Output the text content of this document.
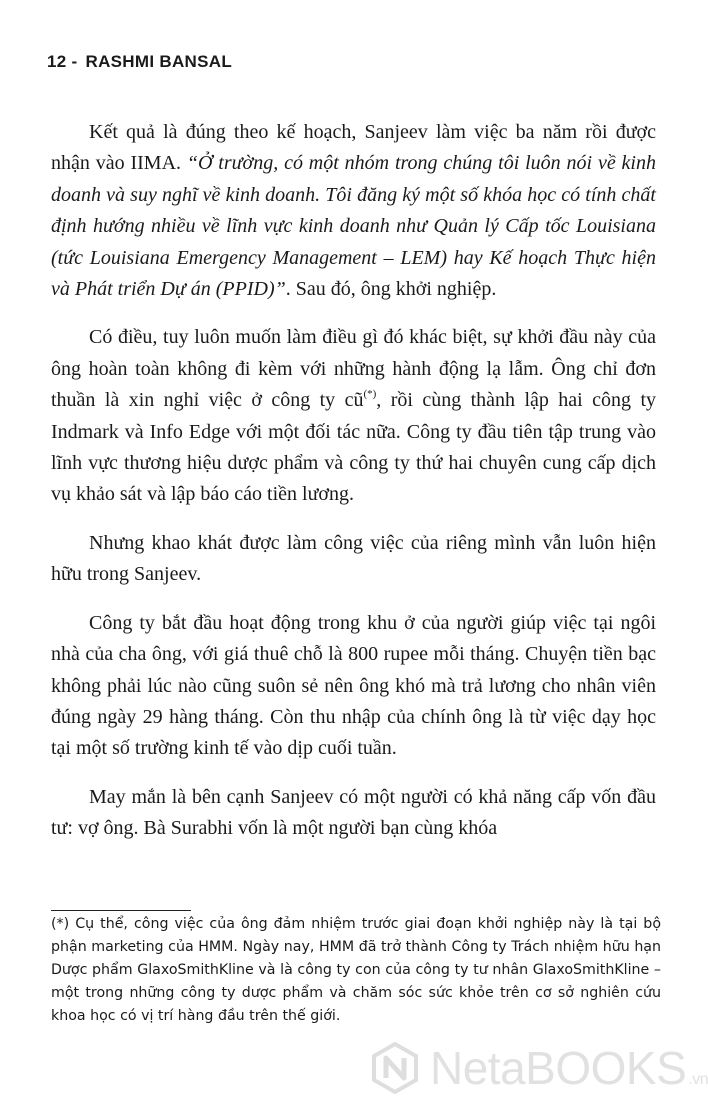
12 - RASHMI BANSAL

Kết quả là đúng theo kế hoạch, Sanjeev làm việc ba năm rồi được nhận vào IIMA. “Ở trường, có một nhóm trong chúng tôi luôn nói về kinh doanh và suy nghĩ về kinh doanh. Tôi đăng ký một số khóa học có tính chất định hướng nhiều về lĩnh vực kinh doanh như Quản lý Cấp tốc Louisiana (tức Louisiana Emergency Management – LEM) hay Kế hoạch Thực hiện và Phát triển Dự án (PPID)”. Sau đó, ông khởi nghiệp.

Có điều, tuy luôn muốn làm điều gì đó khác biệt, sự khởi đầu này của ông hoàn toàn không đi kèm với những hành động lạ lẫm. Ông chỉ đơn thuần là xin nghỉ việc ở công ty cũ(*), rồi cùng thành lập hai công ty Indmark và Info Edge với một đối tác nữa. Công ty đầu tiên tập trung vào lĩnh vực thương hiệu dược phẩm và công ty thứ hai chuyên cung cấp dịch vụ khảo sát và lập báo cáo tiền lương.

Nhưng khao khát được làm công việc của riêng mình vẫn luôn hiện hữu trong Sanjeev.

Công ty bắt đầu hoạt động trong khu ở của người giúp việc tại ngôi nhà của cha ông, với giá thuê chỗ là 800 rupee mỗi tháng. Chuyện tiền bạc không phải lúc nào cũng suôn sẻ nên ông khó mà trả lương cho nhân viên đúng ngày 29 hàng tháng. Còn thu nhập của chính ông là từ việc dạy học tại một số trường kinh tế vào dịp cuối tuần.

May mắn là bên cạnh Sanjeev có một người có khả năng cấp vốn đầu tư: vợ ông. Bà Surabhi vốn là một người bạn cùng khóa

(*) Cụ thể, công việc của ông đảm nhiệm trước giai đoạn khởi nghiệp này là tại bộ phận marketing của HMM. Ngày nay, HMM đã trở thành Công ty Trách nhiệm hữu hạn Dược phẩm GlaxoSmithKline và là công ty con của công ty tư nhân GlaxoSmithKline – một trong những công ty dược phẩm và chăm sóc sức khỏe trên cơ sở nghiên cứu khoa học có vị trí hàng đầu trên thế giới.
NetaBOOKS .vn
